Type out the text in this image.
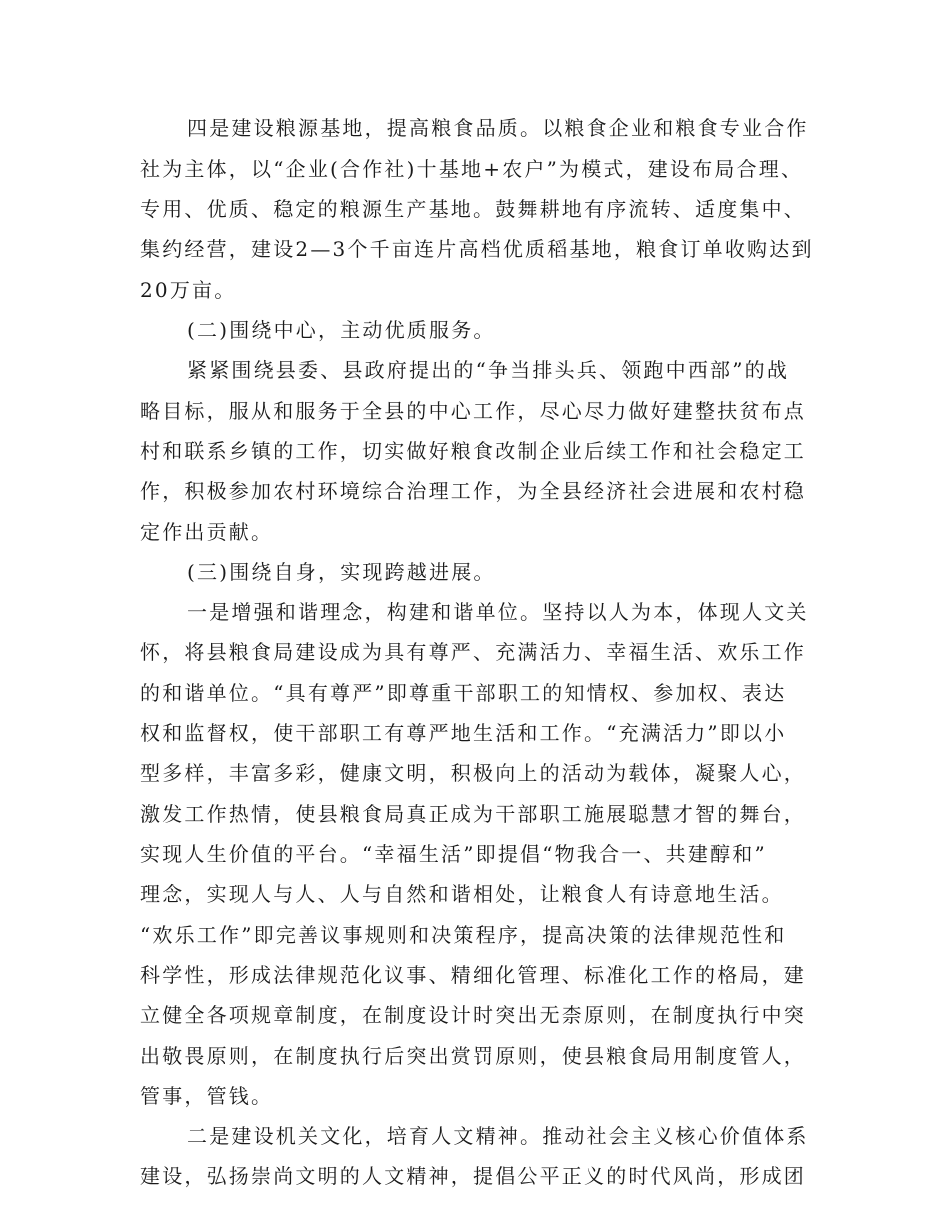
四是建设粮源基地，提高粮食品质。以粮食企业和粮食专业合作
社为主体，以“企业(合作社)十基地+农户”为模式，建设布局合理、
专用、优质、稳定的粮源生产基地。鼓舞耕地有序流转、适度集中、
集约经营，建设2—3个千亩连片高档优质稻基地，粮食订单收购达到
20万亩。
(二)围绕中心，主动优质服务。
紧紧围绕县委、县政府提出的“争当排头兵、领跑中西部”的战
略目标，服从和服务于全县的中心工作，尽心尽力做好建整扶贫布点
村和联系乡镇的工作，切实做好粮食改制企业后续工作和社会稳定工
作，积极参加农村环境综合治理工作，为全县经济社会进展和农村稳
定作出贡献。
(三)围绕自身，实现跨越进展。
一是增强和谐理念，构建和谐单位。坚持以人为本，体现人文关
怀，将县粮食局建设成为具有尊严、充满活力、幸福生活、欢乐工作
的和谐单位。“具有尊严”即尊重干部职工的知情权、参加权、表达
权和监督权，使干部职工有尊严地生活和工作。“充满活力”即以小
型多样，丰富多彩，健康文明，积极向上的活动为载体，凝聚人心，
激发工作热情，使县粮食局真正成为干部职工施展聪慧才智的舞台，
实现人生价值的平台。“幸福生活”即提倡“物我合一、共建醇和”
理念，实现人与人、人与自然和谐相处，让粮食人有诗意地生活。
“欢乐工作”即完善议事规则和决策程序，提高决策的法律规范性和
科学性，形成法律规范化议事、精细化管理、标准化工作的格局，建
立健全各项规章制度，在制度设计时突出无柰原则，在制度执行中突
出敬畏原则，在制度执行后突出赏罚原则，使县粮食局用制度管人，
管事，管钱。
二是建设机关文化，培育人文精神。推动社会主义核心价值体系
建设，弘扬崇尚文明的人文精神，提倡公平正义的时代风尚，形成团
